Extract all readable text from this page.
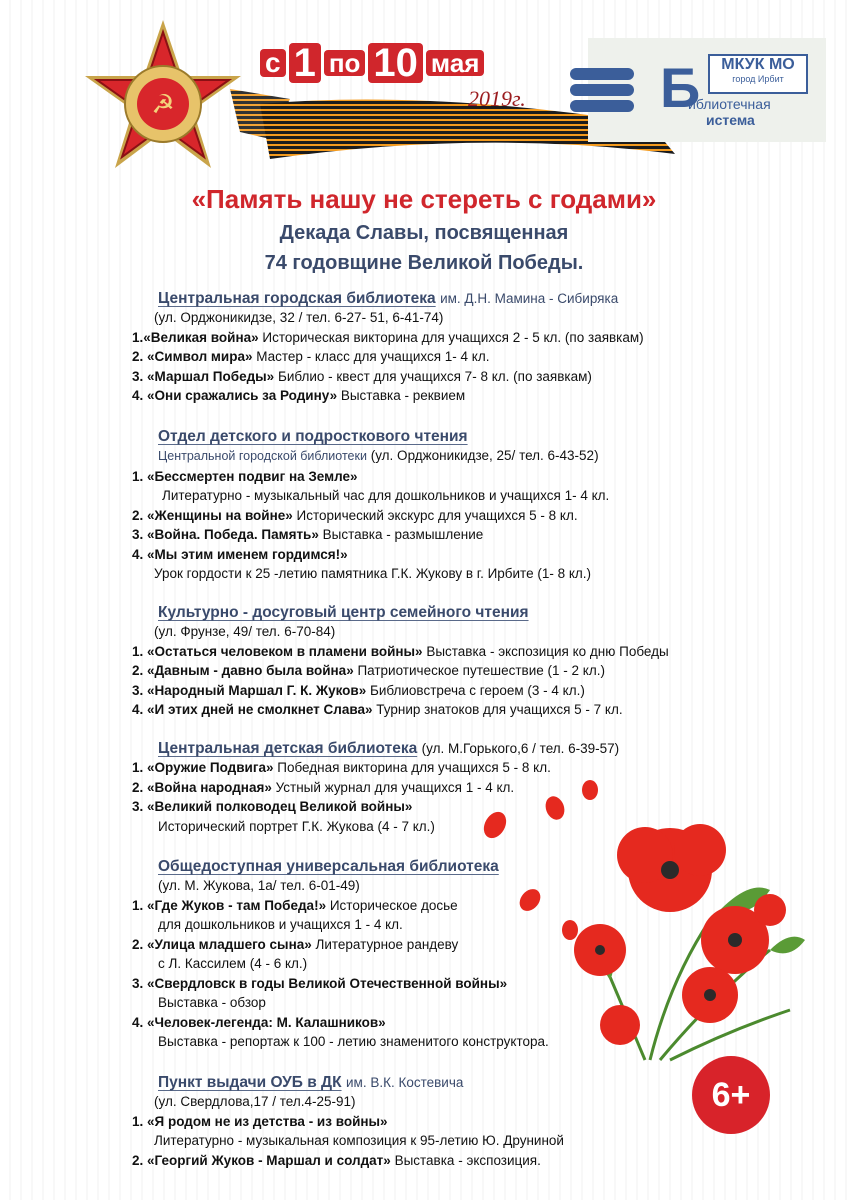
☭
с 1 по 10 мая
2019г.
МКУК МО
город Ирбит
Б
иблиотечная
истема
«Память нашу не стереть с годами»
Декада Славы, посвященная
74 годовщине Великой Победы.
Центральная городская библиотека им. Д.Н. Мамина - Сибиряка
(ул. Орджоникидзе, 32 / тел. 6-27- 51, 6-41-74)
1.«Великая война» Историческая викторина для учащихся 2 - 5 кл. (по заявкам)
2. «Символ мира» Мастер - класс для учащихся 1- 4 кл.
3. «Маршал Победы» Библио - квест для учащихся 7- 8 кл. (по заявкам)
4. «Они сражались за Родину» Выставка - реквием
Отдел детского и подросткового чтения
Центральной городской библиотеки (ул. Орджоникидзе, 25/ тел. 6-43-52)
1. «Бессмертен подвиг на Земле»
Литературно - музыкальный час для дошкольников и учащихся 1- 4 кл.
2. «Женщины на войне» Исторический экскурс для учащихся 5 - 8 кл.
3. «Война. Победа. Память» Выставка - размышление
4. «Мы этим именем гордимся!»
Урок гордости к 25 -летию памятника Г.К. Жукову в г. Ирбите (1- 8 кл.)
Культурно - досуговый центр семейного чтения
(ул. Фрунзе, 49/ тел. 6-70-84)
1. «Остаться человеком в пламени войны» Выставка - экспозиция ко дню Победы
2. «Давным - давно была война» Патриотическое путешествие (1 - 2 кл.)
3. «Народный Маршал Г. К. Жуков» Библиовстреча с героем (3 - 4 кл.)
4. «И этих дней не смолкнет Слава» Турнир знатоков для учащихся 5 - 7 кл.
Центральная детская библиотека (ул. М.Горького,6 / тел. 6-39-57)
1. «Оружие Подвига» Победная викторина для учащихся 5 - 8 кл.
2. «Война народная» Устный журнал для учащихся 1 - 4 кл.
3. «Великий полководец Великой войны»
Исторический портрет Г.К. Жукова (4 - 7 кл.)
Общедоступная универсальная библиотека
(ул. М. Жукова, 1а/ тел. 6-01-49)
1. «Где Жуков - там Победа!» Историческое досье
для дошкольников и учащихся 1 - 4 кл.
2. «Улица младшего сына» Литературное рандеву
с Л. Кассилем (4 - 6 кл.)
3. «Свердловск в годы Великой Отечественной войны»
Выставка - обзор
4. «Человек-легенда: М. Калашников»
Выставка - репортаж к 100 - летию знаменитого конструктора.
Пункт выдачи ОУБ в ДК им. В.К. Костевича
(ул. Свердлова,17 / тел.4-25-91)
1. «Я родом не из детства - из войны»
Литературно - музыкальная композиция к 95-летию Ю. Друниной
2. «Георгий Жуков - Маршал и солдат» Выставка - экспозиция.
6+
